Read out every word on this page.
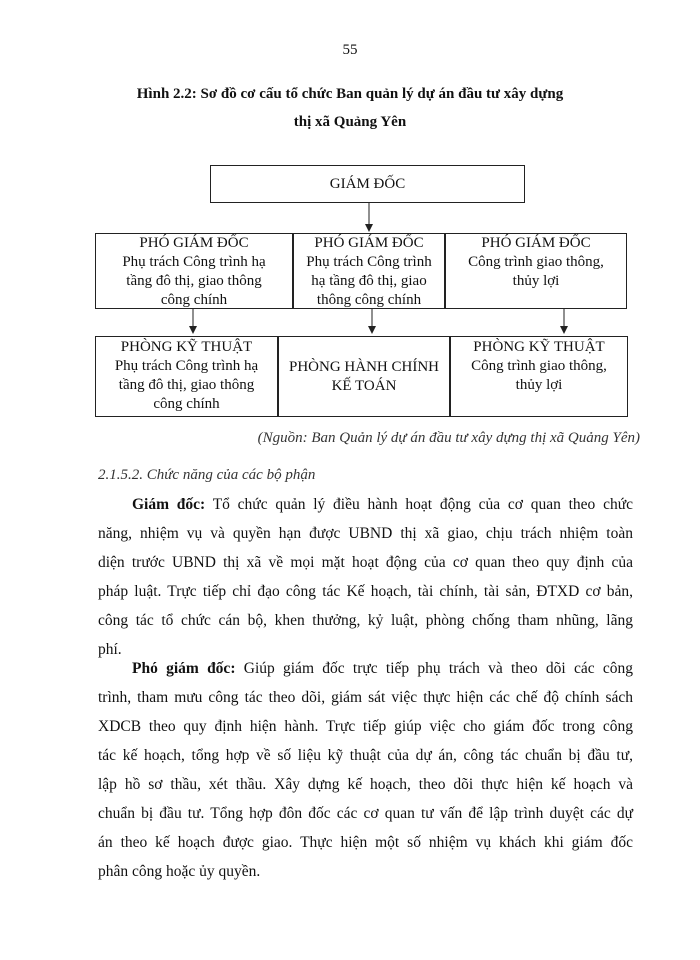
55
Hình 2.2: Sơ đồ cơ cấu tổ chức Ban quản lý dự án đầu tư xây dựng
thị xã Quảng Yên
GIÁM ĐỐC
PHÓ GIÁM ĐỐC
Phụ trách Công trình hạ
tầng đô thị, giao thông
công chính
PHÓ GIÁM ĐỐC
Phụ trách Công trình
hạ tầng đô thị, giao
thông công chính
PHÓ GIÁM ĐỐC
Công trình giao thông,
thủy lợi
PHÒNG KỸ THUẬT
Phụ trách Công trình hạ
tầng đô thị, giao thông
công chính
PHÒNG HÀNH CHÍNH
KẾ TOÁN
PHÒNG KỸ THUẬT
Công trình giao thông,
thủy lợi
(Nguồn: Ban Quản lý dự án đầu tư xây dựng thị xã Quảng Yên)
2.1.5.2. Chức năng của các bộ phận
Giám đốc: Tổ chức quản lý điều hành hoạt động của cơ quan theo chức
năng, nhiệm vụ và quyền hạn được UBND thị xã giao, chịu trách nhiệm toàn
diện trước UBND thị xã về mọi mặt hoạt động của cơ quan theo quy định của
pháp luật. Trực tiếp chỉ đạo công tác Kế hoạch, tài chính, tài sản, ĐTXD cơ bản,
công tác tổ chức cán bộ, khen thưởng, kỷ luật, phòng chống tham nhũng, lãng
phí.
Phó giám đốc: Giúp giám đốc trực tiếp phụ trách và theo dõi các công
trình, tham mưu công tác theo dõi, giám sát việc thực hiện các chế độ chính sách
XDCB theo quy định hiện hành. Trực tiếp giúp việc cho giám đốc trong công
tác kế hoạch, tổng hợp về số liệu kỹ thuật của dự án, công tác chuẩn bị đầu tư,
lập hồ sơ thầu, xét thầu. Xây dựng kế hoạch, theo dõi thực hiện kế hoạch và
chuẩn bị đầu tư. Tổng hợp đôn đốc các cơ quan tư vấn để lập trình duyệt các dự
án theo kế hoạch được giao. Thực hiện một số nhiệm vụ khách khi giám đốc
phân công hoặc ủy quyền.
